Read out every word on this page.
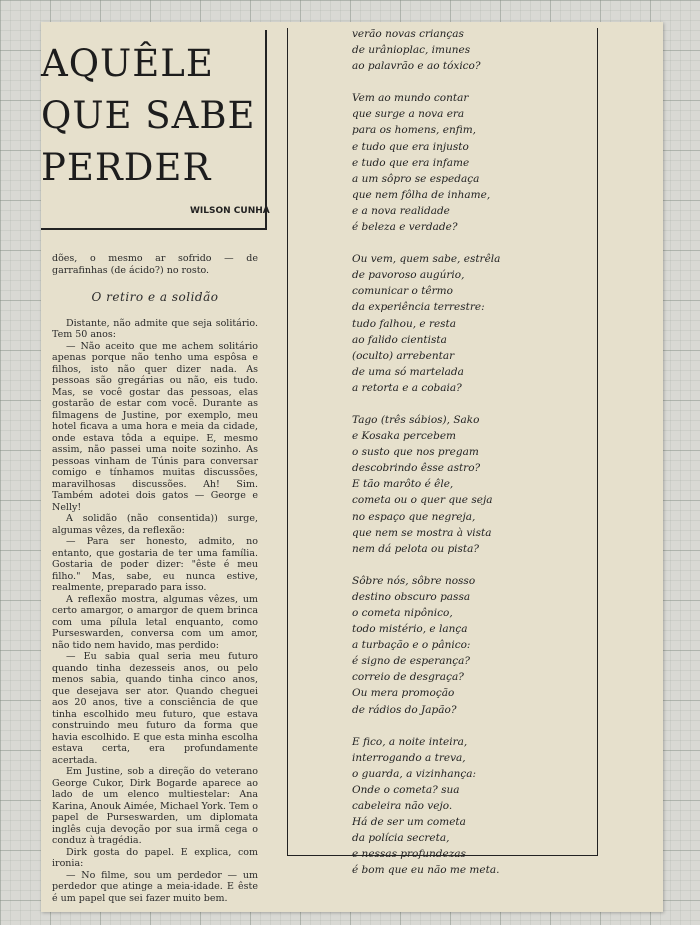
AQUÊLE
QUE SABE
PERDER
WILSON CUNHA

dões, o mesmo ar sofrido — de garrafinhas (de ácido?) no rosto.

O retiro e a solidão

Distante, não admite que seja solitário. Tem 50 anos:

— Não aceito que me achem solitário apenas porque não tenho uma espôsa e filhos, isto não quer dizer nada. As pessoas são gregárias ou não, eis tudo. Mas, se você gostar das pessoas, elas gostarão de estar com você. Durante as filmagens de Justine, por exemplo, meu hotel ficava a uma hora e meia da cidade, onde estava tôda a equipe. E, mesmo assim, não passei uma noite sozinho. As pessoas vinham de Túnis para conversar comigo e tínhamos muitas discussões, maravilhosas discussões. Ah! Sim. Também adotei dois gatos — George e Nelly!

A solidão (não consentida)) surge, algumas vêzes, da reflexão:

— Para ser honesto, admito, no entanto, que gostaria de ter uma família. Gostaria de poder dizer: "êste é meu filho." Mas, sabe, eu nunca estive, realmente, preparado para isso.

A reflexão mostra, algumas vêzes, um certo amargor, o amargor de quem brinca com uma pílula letal enquanto, como Purseswarden, conversa com um amor, não tido nem havido, mas perdido:

— Eu sabia qual seria meu futuro quando tinha dezesseis anos, ou pelo menos sabia, quando tinha cinco anos, que desejava ser ator. Quando cheguei aos 20 anos, tive a consciência de que tinha escolhido meu futuro, que estava construindo meu futuro da forma que havia escolhido. E que esta minha escolha estava certa, era profundamente acertada.

Em Justine, sob a direção do veterano George Cukor, Dirk Bogarde aparece ao lado de um elenco multiestelar: Ana Karina, Anouk Aimée, Michael York. Tem o papel de Purseswarden, um diplomata inglês cuja devoção por sua irmã cega o conduz à tragédia.

Dirk gosta do papel. E explica, com ironia:

— No filme, sou um perdedor — um perdedor que atinge a meia-idade. E êste é um papel que sei fazer muito bem.

verão novas crianças
de urânioplac, imunes
ao palavrão e ao tóxico?
Vem ao mundo contar
que surge a nova era
para os homens, enfim,
e tudo que era injusto
e tudo que era infame
a um sôpro se espedaça
que nem fôlha de inhame,
e a nova realidade
é beleza e verdade?
Ou vem, quem sabe, estrêla
de pavoroso augúrio,
comunicar o têrmo
da experiência terrestre:
tudo falhou, e resta
ao falido cientista
(oculto) arrebentar
de uma só martelada
a retorta e a cobaia?
Tago (três sábios), Sako
e Kosaka percebem
o susto que nos pregam
descobrindo êsse astro?
E tão marôto é êle,
cometa ou o quer que seja
no espaço que negreja,
que nem se mostra à vista
nem dá pelota ou pista?
Sôbre nós, sôbre nosso
destino obscuro passa
o cometa nipônico,
todo mistério, e lança
a turbação e o pânico:
é signo de esperança?
correio de desgraça?
Ou mera promoção
de rádios do Japão?
E fico, a noite inteira,
interrogando a treva,
o guarda, a vizinhança:
Onde o cometa? sua
cabeleira não vejo.
Há de ser um cometa
da polícia secreta,
e nessas profundezas
é bom que eu não me meta.
